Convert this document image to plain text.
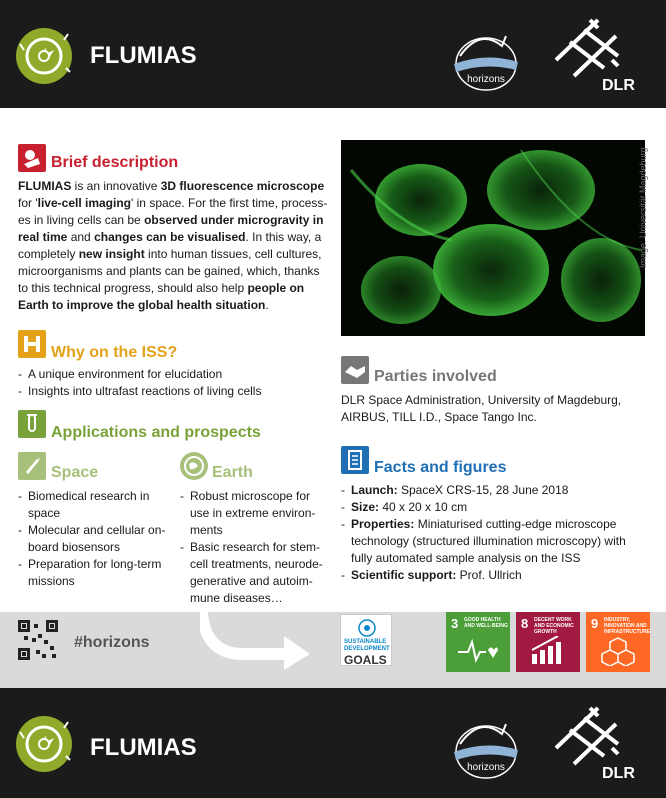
FLUMIAS
horizons	DLR
Brief description
FLUMIAS is an innovative 3D fluorescence microscope for 'live-cell imaging' in space. For the first time, processes in living cells can be observed under microgravity in real time and changes can be visualised. In this way, a completely new insight into human tissues, cell cultures, microorganisms and plants can be gained, which, thanks to this technical progress, should also help people on Earth to improve the global health situation.
Why on the ISS?
- A unique environment for elucidation
- Insights into ultrafast reactions of living cells
Applications and prospects
Space
- Biomedical research in space
- Molecular and cellular on-board biosensors
- Preparation for long-term missions
Earth
- Robust microscope for use in extreme environ-ments
- Basic research for stem-cell treatments, neurode-generative and autoim-mune diseases…
Image: Universität Magdeburg
Parties involved
DLR Space Administration, University of Magdeburg, AIRBUS, TILL I.D., Space Tango Inc.
Facts and figures
- Launch: SpaceX CRS-15, 28 June 2018
- Size: 40 x 20 x 10 cm
- Properties: Miniaturised cutting-edge microscope technology (structured illumination microscopy) with fully automated sample analysis on the ISS
- Scientific support: Prof. Ullrich
#horizons	SUSTAINABLE DEVELOPMENT
GOALS
3 GOOD HEALTH AND WELL-BEING 8 DECENT WORK AND ECONOMIC GROWTH
9 INDUSTRY, INNOVATION AND INFRASTRUCTURE
FLUMIAS
horizons	DLR
